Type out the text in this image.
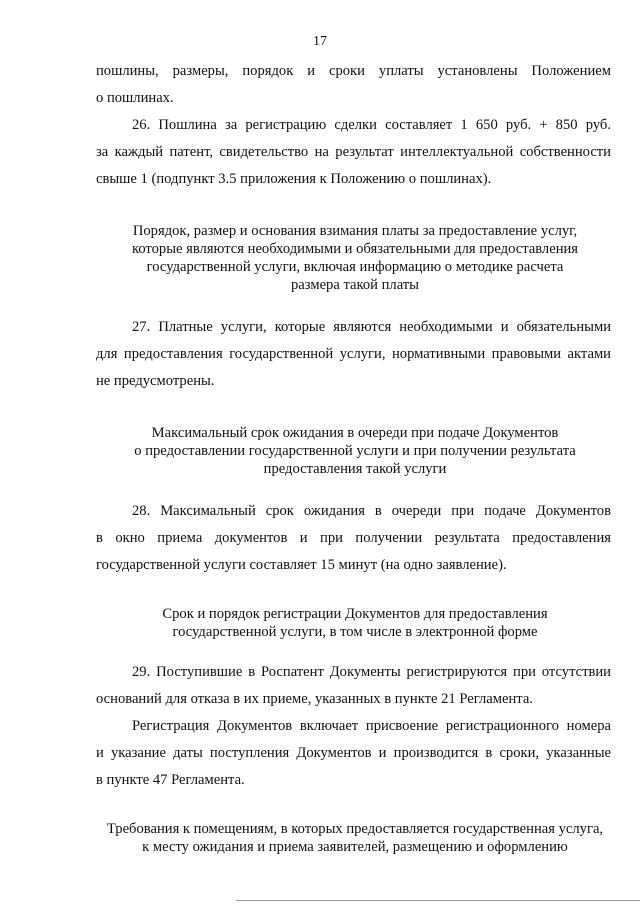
17
пошлины, размеры, порядок и сроки уплаты установлены Положением
о пошлинах.
26. Пошлина за регистрацию сделки составляет 1 650 руб. + 850 руб.
за каждый патент, свидетельство на результат интеллектуальной собственности
свыше 1 (подпункт 3.5 приложения к Положению о пошлинах).
Порядок, размер и основания взимания платы за предоставление услуг,
которые являются необходимыми и обязательными для предоставления
государственной услуги, включая информацию о методике расчета
размера такой платы
27. Платные услуги, которые являются необходимыми и обязательными
для предоставления государственной услуги, нормативными правовыми актами
не предусмотрены.
Максимальный срок ожидания в очереди при подаче Документов
о предоставлении государственной услуги и при получении результата
предоставления такой услуги
28. Максимальный срок ожидания в очереди при подаче Документов
в окно приема документов и при получении результата предоставления
государственной услуги составляет 15 минут (на одно заявление).
Срок и порядок регистрации Документов для предоставления
государственной услуги, в том числе в электронной форме
29. Поступившие в Роспатент Документы регистрируются при отсутствии
оснований для отказа в их приеме, указанных в пункте 21 Регламента.
Регистрация Документов включает присвоение регистрационного номера
и указание даты поступления Документов и производится в сроки, указанные
в пункте 47 Регламента.
Требования к помещениям, в которых предоставляется государственная услуга,
к месту ожидания и приема заявителей, размещению и оформлению
